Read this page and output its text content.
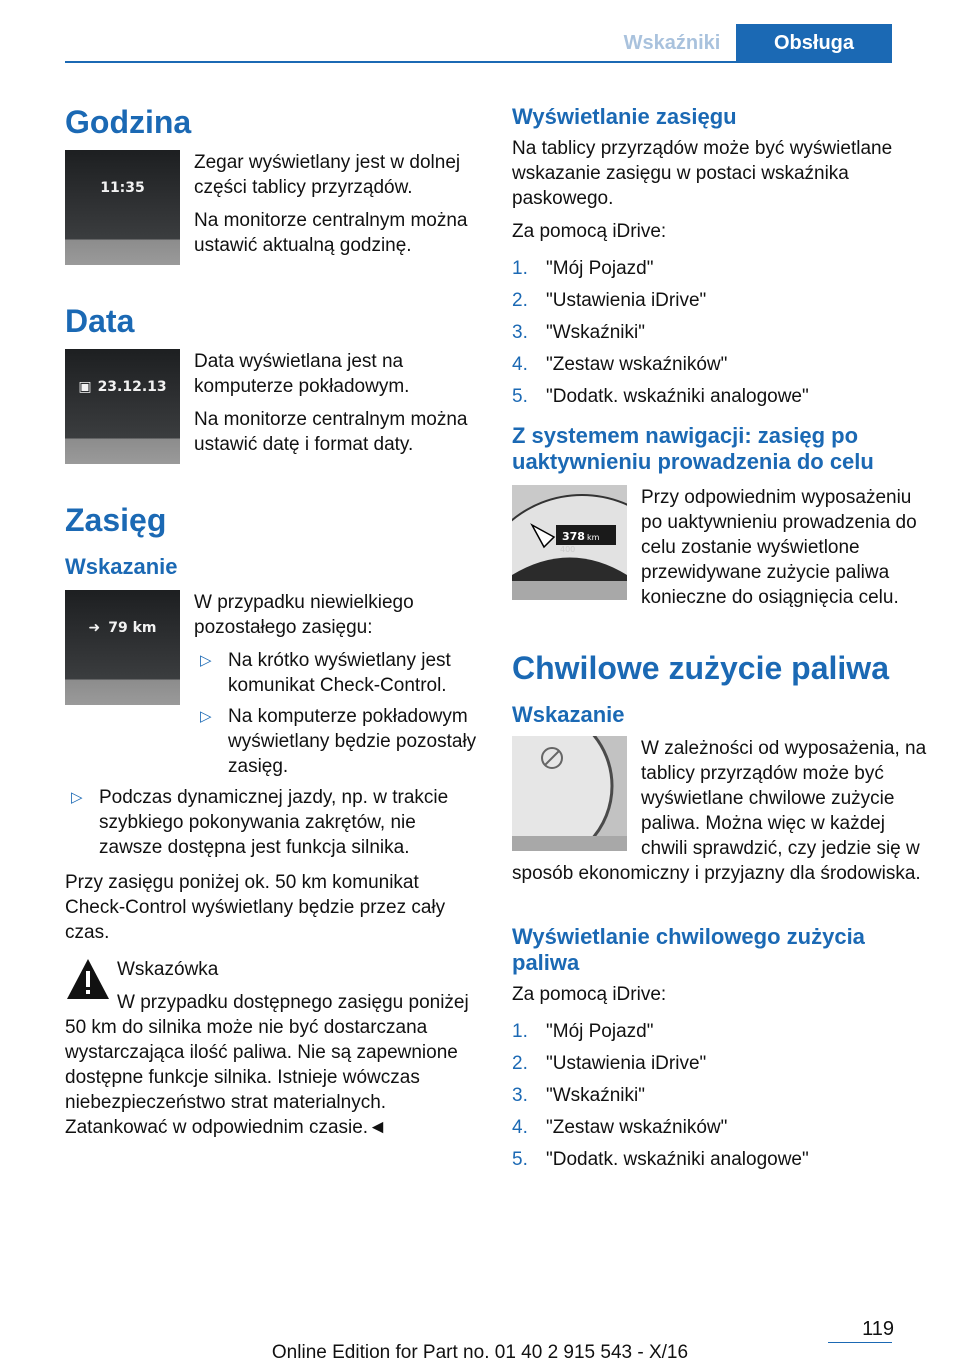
Wskaźniki	Obsługa
Godzina
11:35

Zegar wyświetlany jest w dolnej części tablicy przyrządów.

Na monitorze centralnym można ustawić aktualną godzinę.

Data
▣ 23.12.13

Data wyświetlana jest na komputerze pokładowym.

Na monitorze centralnym można ustawić datę i format daty.

Zasięg
Wskazanie
➜ 79 km

W przypadku niewielkiego pozostałego zasięgu:

▷ Na krótko wyświetlany jest komunikat Check-Control.
▷ Na komputerze pokładowym wyświetlany będzie pozostały zasięg.
▷ Podczas dynamicznej jazdy, np. w trakcie szybkiego pokonywania zakrętów, nie zawsze dostępna jest funkcja silnika.

Przy zasięgu poniżej ok. 50 km komunikat Check-Control wyświetlany będzie przez cały czas.

Wskazówka

W przypadku dostępnego zasięgu poniżej 50 km do silnika może nie być dostarczana wystarczająca ilość paliwa. Nie są zapewnione dostępne funkcje silnika. Istnieje wówczas niebezpieczeństwo strat materialnych. Zatankować w odpowiednim czasie.◄

Wyświetlanie zasięgu

Na tablicy przyrządów może być wyświetlane wskazanie zasięgu w postaci wskaźnika paskowego.

Za pomocą iDrive:

1. "Mój Pojazd"
2. "Ustawienia iDrive"
3. "Wskaźniki"
4. "Zestaw wskaźników"
5. "Dodatk. wskaźniki analogowe"
Z systemem nawigacji: zasięg po uaktywnieniu prowadzenia do celu
378 km
400

Przy odpowiednim wyposażeniu po uaktywnieniu prowadzenia do celu zostanie wyświetlone przewidywane zużycie paliwa konieczne do osiągnięcia celu.

Chwilowe zużycie paliwa
Wskazanie

W zależności od wyposażenia, na tablicy przyrządów może być wyświetlane chwilowe zużycie paliwa. Można więc w każdej chwili sprawdzić, czy jedzie się w sposób ekonomiczny i przyjazny dla środowiska.

Wyświetlanie chwilowego zużycia paliwa

Za pomocą iDrive:

1. "Mój Pojazd"
2. "Ustawienia iDrive"
3. "Wskaźniki"
4. "Zestaw wskaźników"
5. "Dodatk. wskaźniki analogowe"
119
Online Edition for Part no. 01 40 2 915 543 - X/16
